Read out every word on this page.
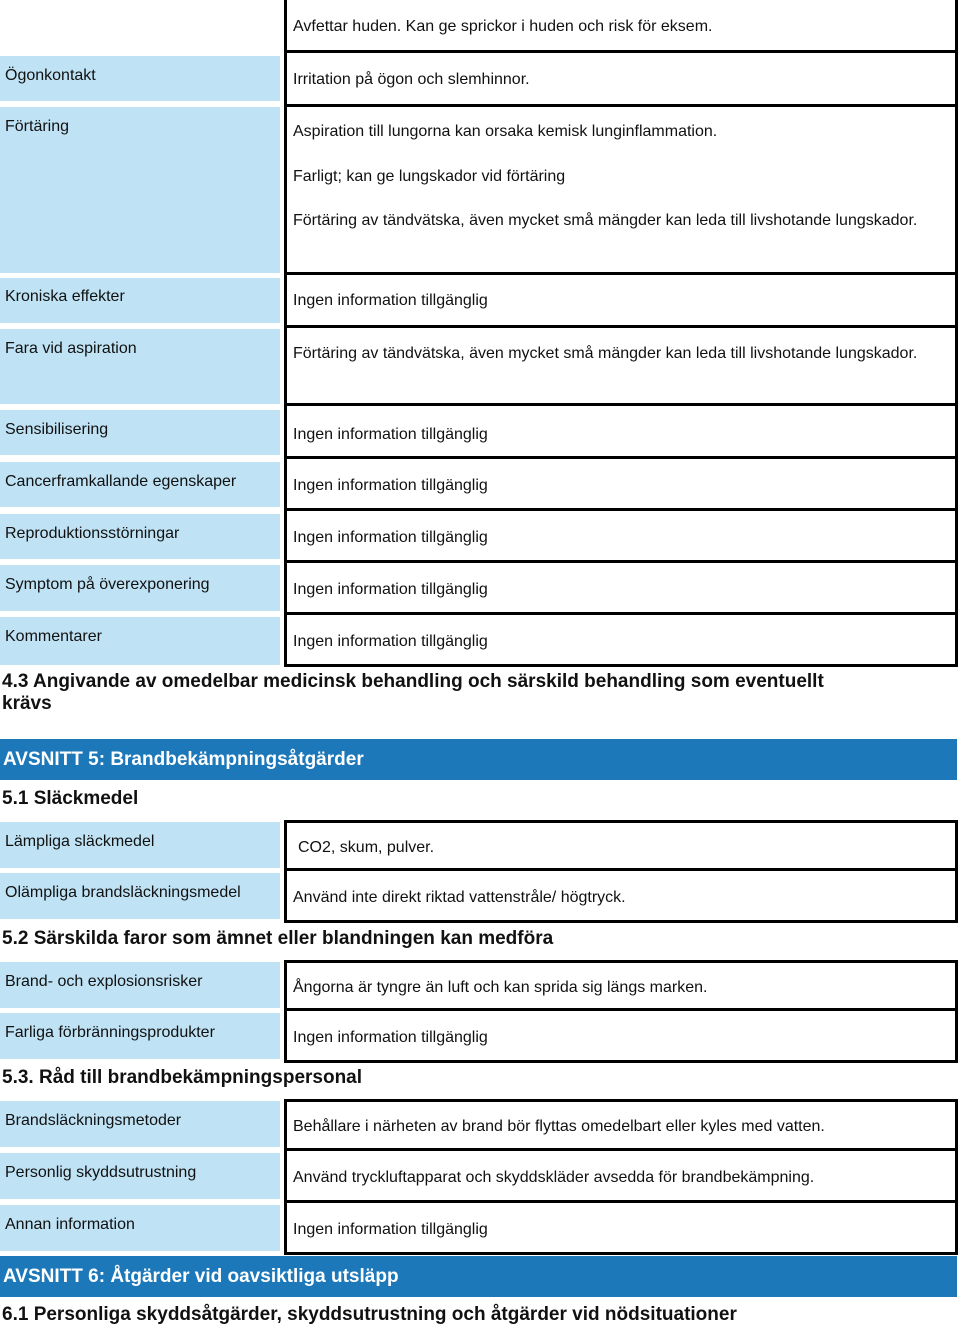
Avfettar huden. Kan ge sprickor i huden och risk för eksem.

Ögonkontakt	Irritation på ögon och slemhinnor.

Förtäring	Aspiration till lungorna kan orsaka kemisk lunginflammation.

Farligt; kan ge lungskador vid förtäring

Förtäring av tändvätska, även mycket små mängder kan leda till livshotande lungskador.

Kroniska effekter	Ingen information tillgänglig

Fara vid aspiration	Förtäring av tändvätska, även mycket små mängder kan leda till livshotande lungskador.

Sensibilisering	Ingen information tillgänglig

Cancerframkallande egenskaper	Ingen information tillgänglig

Reproduktionsstörningar	Ingen information tillgänglig

Symptom på överexponering	Ingen information tillgänglig

Kommentarer	Ingen information tillgänglig

4.3 Angivande av omedelbar medicinsk behandling och särskild behandling som eventuellt krävs
AVSNITT 5: Brandbekämpningsåtgärder
5.1 Släckmedel
Lämpliga släckmedel	CO2, skum, pulver.

Olämpliga brandsläckningsmedel	Använd inte direkt riktad vattenstråle/ högtryck.

5.2 Särskilda faror som ämnet eller blandningen kan medföra
Brand- och explosionsrisker	Ångorna är tyngre än luft och kan sprida sig längs marken.

Farliga förbränningsprodukter	Ingen information tillgänglig

5.3. Råd till brandbekämpningspersonal
Brandsläckningsmetoder	Behållare i närheten av brand bör flyttas omedelbart eller kyles med vatten.

Personlig skyddsutrustning	Använd tryckluftapparat och skyddskläder avsedda för brandbekämpning.

Annan information	Ingen information tillgänglig

AVSNITT 6: Åtgärder vid oavsiktliga utsläpp
6.1 Personliga skyddsåtgärder, skyddsutrustning och åtgärder vid nödsituationer
